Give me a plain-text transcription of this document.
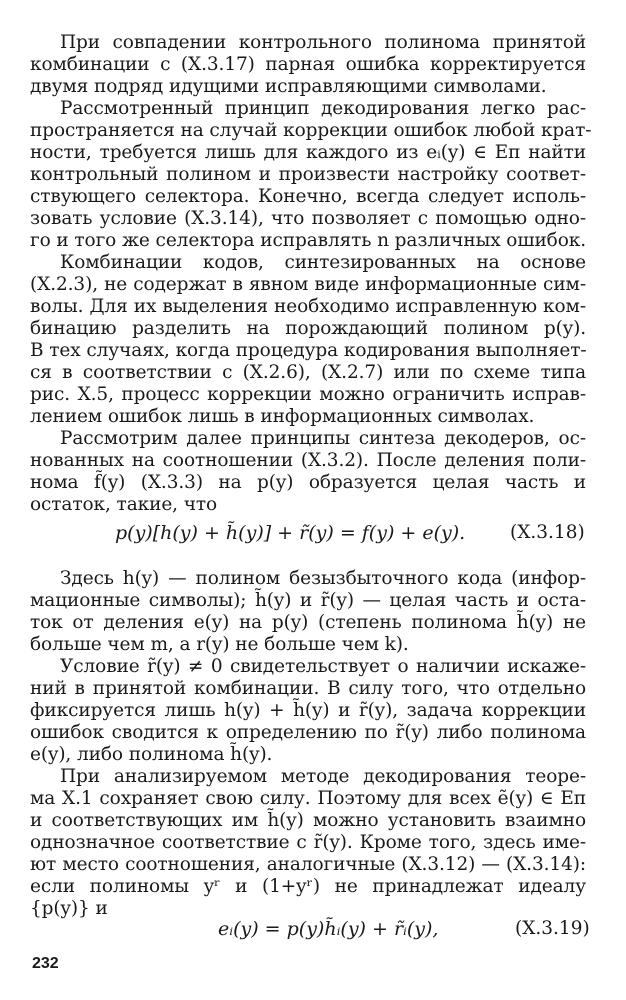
При совпадении контрольного полинома принятой
комбинации с (X.3.17) парная ошибка корректируется
двумя подряд идущими исправляющими символами.
Рассмотренный принцип декодирования легко рас-
пространяется на случай коррекции ошибок любой крат-
ности, требуется лишь для каждого из eᵢ(y) ∈ Eп найти
контрольный полином и произвести настройку соответ-
ствующего селектора. Конечно, всегда следует исполь-
зовать условие (X.3.14), что позволяет с помощью одно-
го и того же селектора исправлять n различных ошибок.
Комбинации кодов, синтезированных на основе
(X.2.3), не содержат в явном виде информационные сим-
волы. Для их выделения необходимо исправленную ком-
бинацию разделить на порождающий полином p(y).
В тех случаях, когда процедура кодирования выполняет-
ся в соответствии с (X.2.6), (X.2.7) или по схеме типа
рис. X.5, процесс коррекции можно ограничить исправ-
лением ошибок лишь в информационных символах.
Рассмотрим далее принципы синтеза декодеров, ос-
нованных на соотношении (X.3.2). После деления поли-
нома f̃(y) (X.3.3) на p(y) образуется целая часть и
остаток, такие, что
p(y)[h(y) + h̃(y)] + r̃(y) = f(y) + e(y). (X.3.18)
Здесь h(y) — полином безызбыточного кода (инфор-
мационные символы); h̃(y) и r̃(y) — целая часть и оста-
ток от деления e(y) на p(y) (степень полинома h̃(y) не
больше чем m, а r(y) не больше чем k).
Условие r̃(y) ≠ 0 свидетельствует о наличии искаже-
ний в принятой комбинации. В силу того, что отдельно
фиксируется лишь h(y) + h̃(y) и r̃(y), задача коррекции
ошибок сводится к определению по r̃(y) либо полинома
e(y), либо полинома h̃(y).
При анализируемом методе декодирования теоре-
ма X.1 сохраняет свою силу. Поэтому для всех ẽ(y) ∈ Eп
и соответствующих им h̃(y) можно установить взаимно
однозначное соответствие с r̃(y). Кроме того, здесь име-
ют место соотношения, аналогичные (X.3.12) — (X.3.14):
если полиномы yʳ и (1+yʳ) не принадлежат идеалу
{p(y)} и
eᵢ(y) = p(y)h̃ᵢ(y) + r̃ᵢ(y),	(X.3.19)
232
